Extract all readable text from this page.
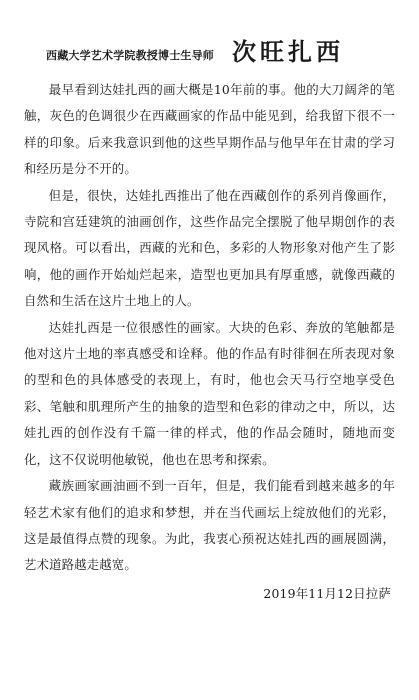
西藏大学艺术学院教授博士生导师 次旺扎西

最早看到达娃扎西的画大概是10年前的事。他的大刀阔斧的笔触，灰色的色调很少在西藏画家的作品中能见到，给我留下很不一样的印象。后来我意识到他的这些早期作品与他早年在甘肃的学习和经历是分不开的。

但是，很快，达娃扎西推出了他在西藏创作的系列肖像画作，寺院和宫廷建筑的油画创作，这些作品完全摆脱了他早期创作的表现风格。可以看出，西藏的光和色，多彩的人物形象对他产生了影响，他的画作开始灿烂起来，造型也更加具有厚重感，就像西藏的自然和生活在这片土地上的人。

达娃扎西是一位很感性的画家。大块的色彩、奔放的笔触都是他对这片土地的率真感受和诠释。他的作品有时徘徊在所表现对象的型和色的具体感受的表现上，有时，他也会天马行空地享受色彩、笔触和肌理所产生的抽象的造型和色彩的律动之中，所以，达娃扎西的创作没有千篇一律的样式，他的作品会随时，随地而变化，这不仅说明他敏锐，他也在思考和探索。

藏族画家画油画不到一百年，但是，我们能看到越来越多的年轻艺术家有他们的追求和梦想，并在当代画坛上绽放他们的光彩，这是最值得点赞的现象。为此，我衷心预祝达娃扎西的画展圆满，艺术道路越走越宽。

2019年11月12日拉萨
